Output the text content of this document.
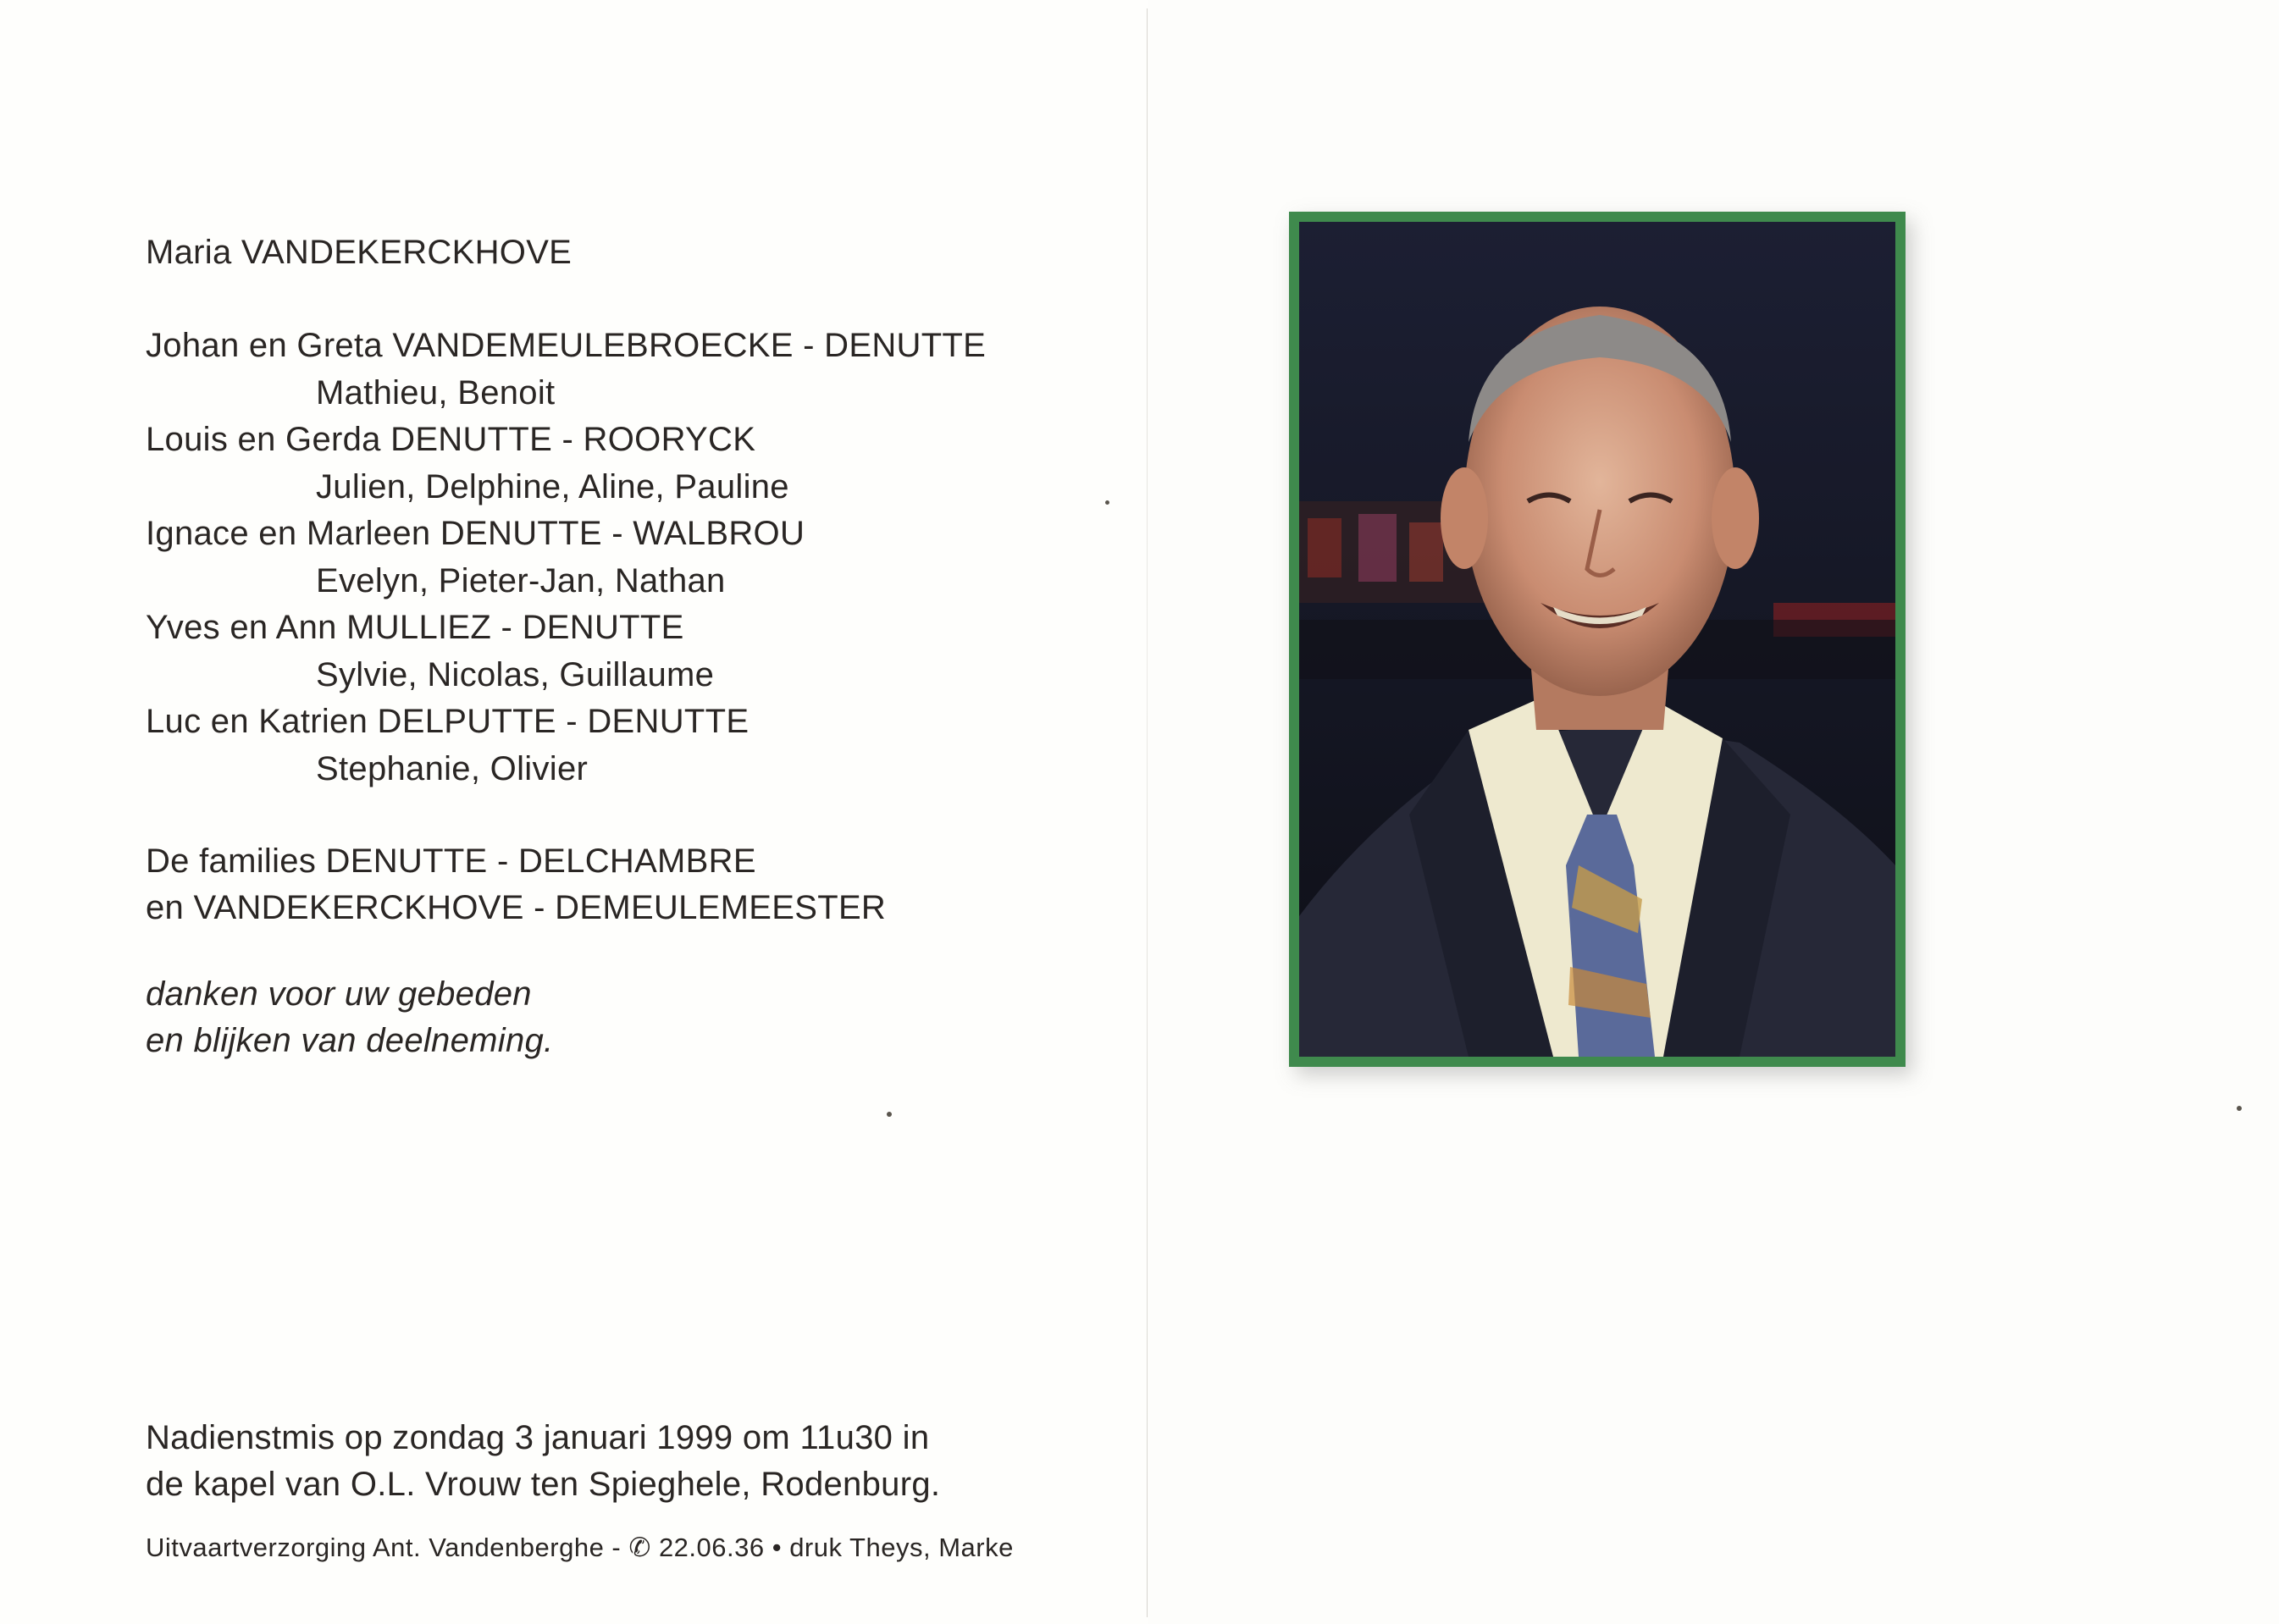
Maria VANDEKERCKHOVE
Johan en Greta VANDEMEULEBROECKE - DENUTTE
Mathieu, Benoit
Louis en Gerda DENUTTE - ROORYCK
Julien, Delphine, Aline, Pauline
Ignace en Marleen DENUTTE - WALBROU
Evelyn, Pieter-Jan, Nathan
Yves en Ann MULLIEZ - DENUTTE
Sylvie, Nicolas, Guillaume
Luc en Katrien DELPUTTE - DENUTTE
Stephanie, Olivier
De families DENUTTE - DELCHAMBRE
en VANDEKERCKHOVE - DEMEULEMEESTER
danken voor uw gebeden
en blijken van deelneming.
Nadienstmis op zondag 3 januari 1999 om 11u30 in
de kapel van O.L. Vrouw ten Spieghele, Rodenburg.
Uitvaartverzorging Ant. Vandenberghe - ✆ 22.06.36 • druk Theys, Marke
